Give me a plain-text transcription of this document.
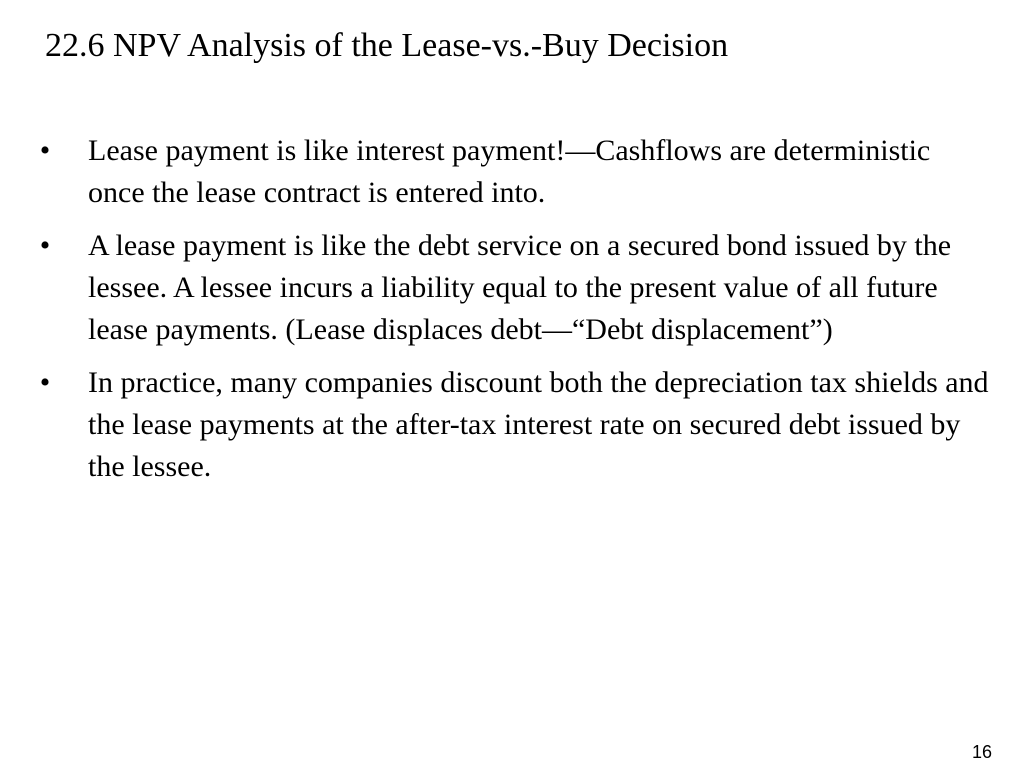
22.6 NPV Analysis of the Lease-vs.-Buy Decision
•	Lease payment is like interest payment!—Cashflows are deterministic once the lease contract is entered into.
•	A lease payment is like the debt service on a secured bond issued by the lessee. A lessee incurs a liability equal to the present value of all future lease payments. (Lease displaces debt—“Debt displacement”)
•	In practice, many companies discount both the depreciation tax shields and the lease payments at the after-tax interest rate on secured debt issued by the lessee.
16
